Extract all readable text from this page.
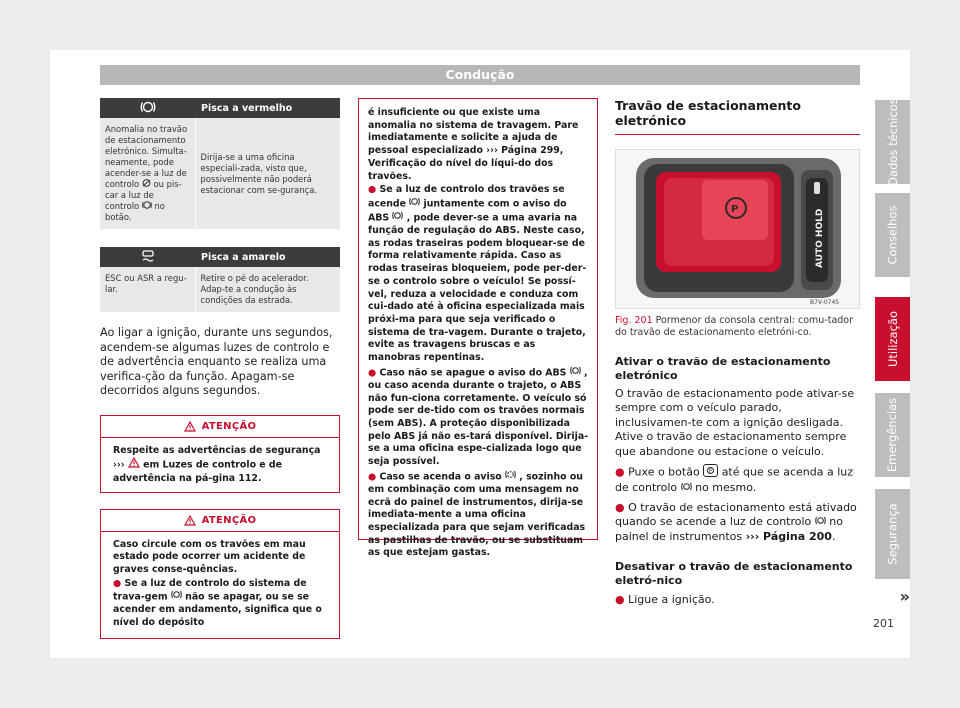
Condução
	Pisca a vermelho
Anomalia no travão de estacionamento eletrónico. Simulta-neamente, pode acender-se a luz de controlo ou pis-car a luz de controlo no botão.	Dirija-se a uma oficina especiali-zada, visto que, possivelmente não poderá estacionar com se-gurança.
	Pisca a amarelo
ESC ou ASR a regu-lar.	Retire o pé do acelerador. Adap-te a condução às condições da estrada.

Ao ligar a ignição, durante uns segundos, acendem-se algumas luzes de controlo e de advertência enquanto se realiza uma verifica-ção da função. Apagam-se decorridos alguns segundos.

ATENÇÃO
Respeite as advertências de segurança ››› em Luzes de controlo e de advertência na pá-gina 112.
ATENÇÃO
Caso circule com os travões em mau estado pode ocorrer um acidente de graves conse-quências.
● Se a luz de controlo do sistema de trava-gem não se apagar, ou se se acender em andamento, significa que o nível do depósito
é insuficiente ou que existe uma anomalia no sistema de travagem. Pare imediatamente e solicite a ajuda de pessoal especializado ››› Página 299, Verificação do nível do líqui-do dos travões.
● Se a luz de controlo dos travões se acende juntamente com o aviso do ABS , pode dever-se a uma avaria na função de regulação do ABS. Neste caso, as rodas traseiras podem bloquear-se de forma relativamente rápida. Caso as rodas traseiras bloqueiem, pode per-der-se o controlo sobre o veículo! Se possí-vel, reduza a velocidade e conduza com cui-dado até à oficina especializada mais próxi-ma para que seja verificado o sistema de tra-vagem. Durante o trajeto, evite as travagens bruscas e as manobras repentinas.
● Caso não se apague o aviso do ABS , ou caso acenda durante o trajeto, o ABS não fun-ciona corretamente. O veículo só pode ser de-tido com os travões normais (sem ABS). A proteção disponibilizada pelo ABS já não es-tará disponível. Dirija-se a uma oficina espe-cializada logo que seja possível.
● Caso se acenda o aviso , sozinho ou em combinação com uma mensagem no ecrã do painel de instrumentos, dirija-se imediata-mente a uma oficina especializada para que sejam verificadas as pastilhas de travão, ou se substituam as que estejam gastas.
Travão de estacionamento eletrónico
P	AUTO HOLD
B7V-0745
Fig. 201 Pormenor da consola central: comu-tador do travão de estacionamento eletróni-co.
Ativar o travão de estacionamento eletrónico
O travão de estacionamento pode ativar-se sempre com o veículo parado, inclusivamen-te com a ignição desligada. Ative o travão de estacionamento sempre que abandone ou estacione o veículo.
● Puxe o botão P até que se acenda a luz de controlo no mesmo.
● O travão de estacionamento está ativado quando se acende a luz de controlo no painel de instrumentos ››› Página 200.
Desativar o travão de estacionamento eletró-nico
● Ligue a ignição.	»
201
Dados técnicos
Conselhos
Utilização
Emergências
Segurança
